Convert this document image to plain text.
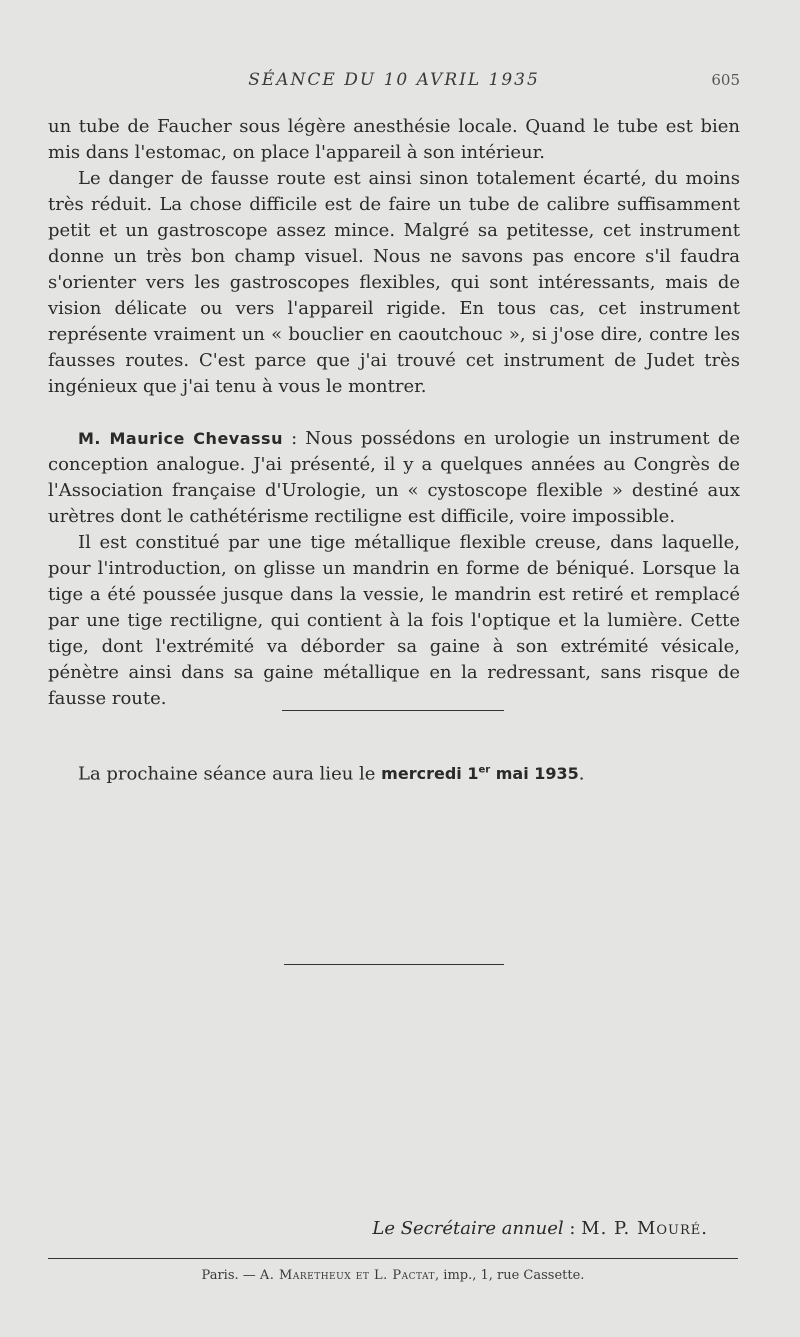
SÉANCE DU 10 AVRIL 1935	605

un tube de Faucher sous légère anesthésie locale. Quand le tube est bien mis dans l'estomac, on place l'appareil à son intérieur.

Le danger de fausse route est ainsi sinon totalement écarté, du moins très réduit. La chose difficile est de faire un tube de calibre suffisamment petit et un gastroscope assez mince. Malgré sa petitesse, cet instrument donne un très bon champ visuel. Nous ne savons pas encore s'il faudra s'orienter vers les gastroscopes flexibles, qui sont intéressants, mais de vision délicate ou vers l'appareil rigide. En tous cas, cet instrument représente vraiment un « bouclier en caoutchouc », si j'ose dire, contre les fausses routes. C'est parce que j'ai trouvé cet instrument de Judet très ingénieux que j'ai tenu à vous le montrer.

M. Maurice Chevassu : Nous possédons en urologie un instrument de conception analogue. J'ai présenté, il y a quelques années au Congrès de l'Association française d'Urologie, un « cystoscope flexible » destiné aux urètres dont le cathétérisme rectiligne est difficile, voire impossible.

Il est constitué par une tige métallique flexible creuse, dans laquelle, pour l'introduction, on glisse un mandrin en forme de béniqué. Lorsque la tige a été poussée jusque dans la vessie, le mandrin est retiré et remplacé par une tige rectiligne, qui contient à la fois l'optique et la lumière. Cette tige, dont l'extrémité va déborder sa gaine à son extrémité vésicale, pénètre ainsi dans sa gaine métallique en la redressant, sans risque de fausse route.

La prochaine séance aura lieu le mercredi 1er mai 1935.
Le Secrétaire annuel : M. P. Mouré.
Paris. — A. Maretheux et L. Pactat, imp., 1, rue Cassette.
